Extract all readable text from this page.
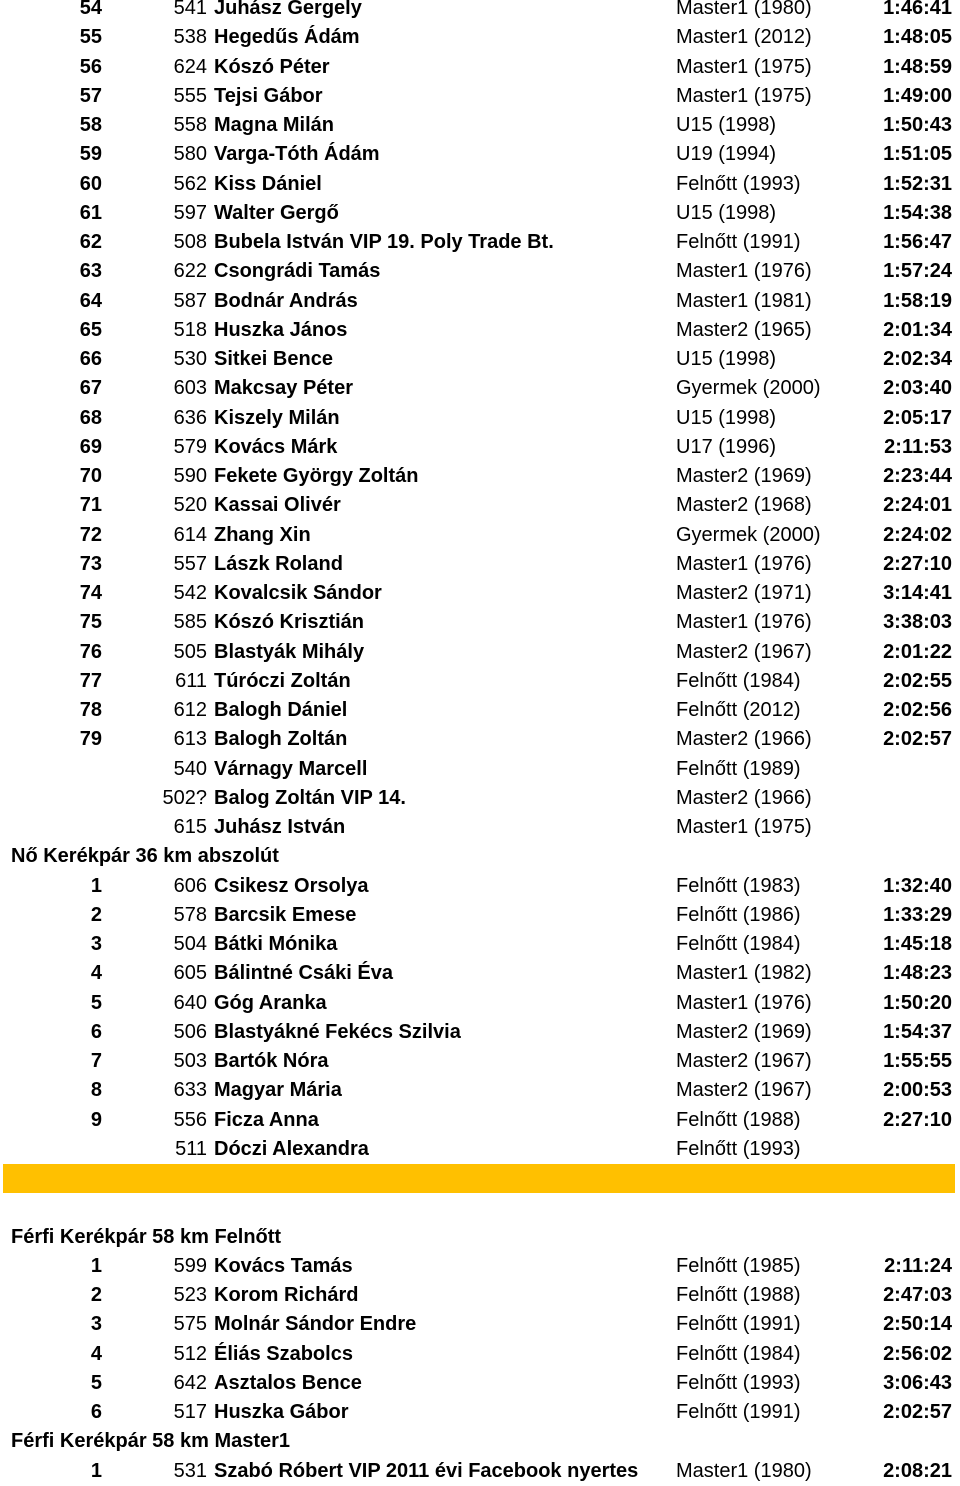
54	541 Juhász Gergely	Master1 (1980)	1:46:41
55	538 Hegedűs Ádám	Master1 (2012)	1:48:05
56	624 Kószó Péter	Master1 (1975)	1:48:59
57	555 Tejsi Gábor	Master1 (1975)	1:49:00
58	558 Magna Milán	U15 (1998)	1:50:43
59	580 Varga-Tóth Ádám	U19 (1994)	1:51:05
60	562 Kiss Dániel	Felnőtt (1993)	1:52:31
61	597 Walter Gergő	U15 (1998)	1:54:38
62	508 Bubela István VIP 19. Poly Trade Bt.	Felnőtt (1991)	1:56:47
63	622 Csongrádi Tamás	Master1 (1976)	1:57:24
64	587 Bodnár András	Master1 (1981)	1:58:19
65	518 Huszka János	Master2 (1965)	2:01:34
66	530 Sitkei Bence	U15 (1998)	2:02:34
67	603 Makcsay Péter	Gyermek (2000)	2:03:40
68	636 Kiszely Milán	U15 (1998)	2:05:17
69	579 Kovács Márk	U17 (1996)	2:11:53
70	590 Fekete György Zoltán	Master2 (1969)	2:23:44
71	520 Kassai Olivér	Master2 (1968)	2:24:01
72	614 Zhang Xin	Gyermek (2000)	2:24:02
73	557 Lászk Roland	Master1 (1976)	2:27:10
74	542 Kovalcsik Sándor	Master2 (1971)	3:14:41
75	585 Kószó Krisztián	Master1 (1976)	3:38:03
76	505 Blastyák Mihály	Master2 (1967)	2:01:22
77	611 Túróczi Zoltán	Felnőtt (1984)	2:02:55
78	612 Balogh Dániel	Felnőtt (2012)	2:02:56
79	613 Balogh Zoltán	Master2 (1966)	2:02:57
540 Várnagy Marcell	Felnőtt (1989)
502? Balog Zoltán VIP 14.	Master2 (1966)
615 Juhász István	Master1 (1975)
Nő Kerékpár 36 km abszolút
1	606 Csikesz Orsolya	Felnőtt (1983)	1:32:40
2	578 Barcsik Emese	Felnőtt (1986)	1:33:29
3	504 Bátki Mónika	Felnőtt (1984)	1:45:18
4	605 Bálintné Csáki Éva	Master1 (1982)	1:48:23
5	640 Góg Aranka	Master1 (1976)	1:50:20
6	506 Blastyákné Fekécs Szilvia	Master2 (1969)	1:54:37
7	503 Bartók Nóra	Master2 (1967)	1:55:55
8	633 Magyar Mária	Master2 (1967)	2:00:53
9	556 Ficza Anna	Felnőtt (1988)	2:27:10
511 Dóczi Alexandra	Felnőtt (1993)
Férfi Kerékpár 58 km Felnőtt
1	599 Kovács Tamás	Felnőtt (1985)	2:11:24
2	523 Korom Richárd	Felnőtt (1988)	2:47:03
3	575 Molnár Sándor Endre	Felnőtt (1991)	2:50:14
4	512 Éliás Szabolcs	Felnőtt (1984)	2:56:02
5	642 Asztalos Bence	Felnőtt (1993)	3:06:43
6	517 Huszka Gábor	Felnőtt (1991)	2:02:57
Férfi Kerékpár 58 km Master1
1	531 Szabó Róbert VIP 2011 évi Facebook nyertes Master1 (1980)	2:08:21
